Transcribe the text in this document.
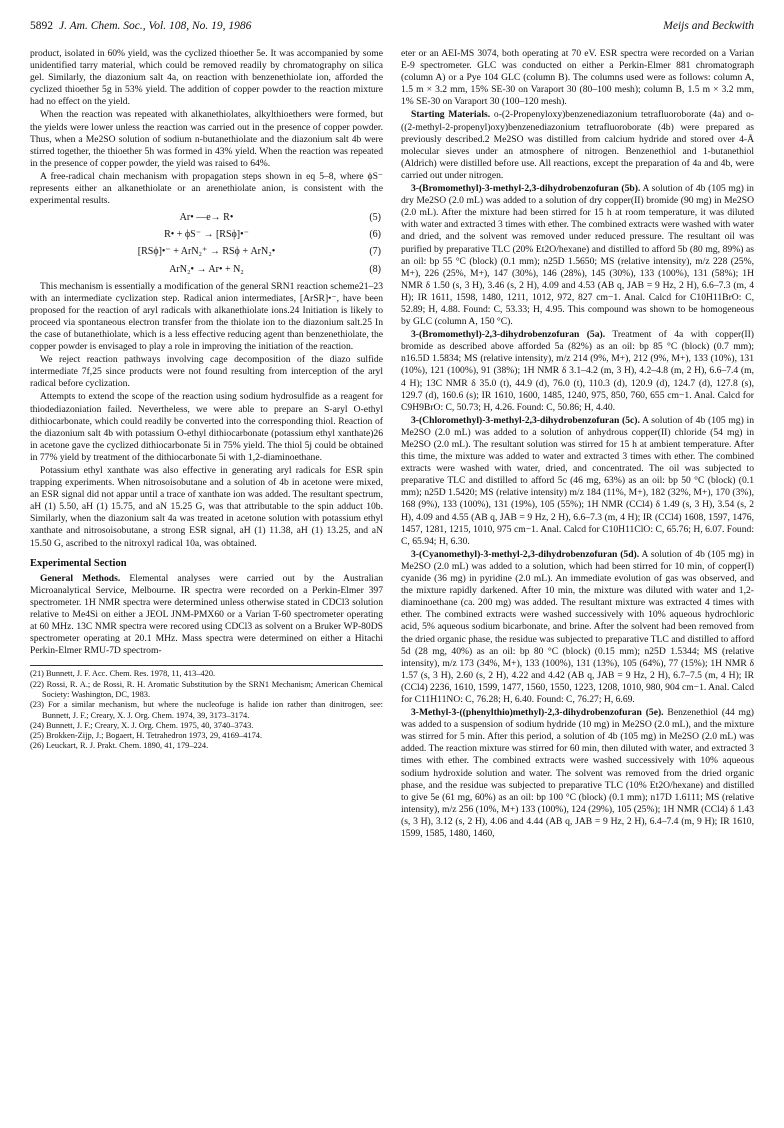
5892 J. Am. Chem. Soc., Vol. 108, No. 19, 1986	Meijs and Beckwith

product, isolated in 60% yield, was the cyclized thioether 5e. It was accompanied by some unidentified tarry material, which could be removed readily by chromatography on silica gel. Similarly, the diazonium salt 4a, on reaction with benzenethiolate ion, afforded the cyclized thioether 5g in 53% yield. The addition of copper powder to the reaction mixture had no effect on the yield.

When the reaction was repeated with alkanethiolates, alkylthioethers were formed, but the yields were lower unless the reaction was carried out in the presence of copper powder. Thus, when a Me2SO solution of sodium n-butanethiolate and the diazonium salt 4b were stirred together, the thioether 5h was formed in 43% yield. When the reaction was repeated in the presence of copper powder, the yield was raised to 64%.

A free-radical chain mechanism with propagation steps shown in eq 5–8, where ϕS⁻ represents either an alkanethiolate or an arenethiolate anion, is consistent with the experimental results.

Ar• —e→ R•	(5)
R• + ϕS⁻ → [RSϕ]•⁻	(6)
[RSϕ]•⁻ + ArN₂⁺ → RSϕ + ArN₂•	(7)
ArN₂• → Ar• + N₂	(8)

This mechanism is essentially a modification of the general SRN1 reaction scheme21–23 with an intermediate cyclization step. Radical anion intermediates, [ArSR]•⁻, have been proposed for the reaction of aryl radicals with alkanethiolate ions.24 Initiation is likely to proceed via spontaneous electron transfer from the thiolate ion to the diazonium salt.25 In the case of butanethiolate, which is a less effective reducing agent than benzenethiolate, the copper powder is envisaged to play a role in improving the initiation of the reaction.

We reject reaction pathways involving cage decomposition of the diazo sulfide intermediate 7f,25 since products were not found resulting from interception of the aryl radical before cyclization.

Attempts to extend the scope of the reaction using sodium hydrosulfide as a reagent for thiodediazoniation failed. Nevertheless, we were able to prepare an S-aryl O-ethyl dithiocarbonate, which could readily be converted into the corresponding thiol. Reaction of the diazonium salt 4b with potassium O-ethyl dithiocarbonate (potassium ethyl xanthate)26 in acetone gave the cyclized dithiocarbonate 5i in 75% yield. The thiol 5j could be obtained in 77% yield by treatment of the dithiocarbonate 5i with 1,2-diaminoethane.

Potassium ethyl xanthate was also effective in generating aryl radicals for ESR spin trapping experiments. When nitrosoisobutane and a solution of 4b in acetone were mixed, an ESR signal did not appar until a trace of xanthate ion was added. The resultant spectrum, aH (1) 5.50, aH (1) 15.75, and aN 15.25 G, was that attributable to the spin adduct 10b. Similarly, when the diazonium salt 4a was treated in acetone solution with potassium ethyl xanthate and nitrosoisobutane, a strong ESR signal, aH (1) 11.38, aH (1) 13.25, and aN 15.50 G, ascribed to the nitroxyl radical 10a, was obtained.

Experimental Section

General Methods. Elemental analyses were carried out by the Australian Microanalytical Service, Melbourne. IR spectra were recorded on a Perkin-Elmer 397 spectrometer. 1H NMR spectra were determined unless otherwise stated in CDCl3 solution relative to Me4Si on either a JEOL JNM-PMX60 or a Varian T-60 spectrometer operating at 60 MHz. 13C NMR spectra were recored using CDCl3 as solvent on a Bruker WP-80DS spectrometer operating at 20.1 MHz. Mass spectra were determined on either a Hitachi Perkin-Elmer RMU-7D spectrom-

(21) Bunnett, J. F. Acc. Chem. Res. 1978, 11, 413–420.
(22) Rossi, R. A.; de Rossi, R. H. Aromatic Substitution by the SRN1 Mechanism; American Chemical Society: Washington, DC, 1983.
(23) For a similar mechanism, but where the nucleofuge is halide ion rather than dinitrogen, see: Bunnett, J. F.; Creary, X. J. Org. Chem. 1974, 39, 3173–3174.
(24) Bunnett, J. F.; Creary, X. J. Org. Chem. 1975, 40, 3740–3743.
(25) Brokken-Zijp, J.; Bogaert, H. Tetrahedron 1973, 29, 4169–4174.
(26) Leuckart, R. J. Prakt. Chem. 1890, 41, 179–224.

eter or an AEI-MS 3074, both operating at 70 eV. ESR spectra were recorded on a Varian E-9 spectrometer. GLC was conducted on either a Perkin-Elmer 881 chromatograph (column A) or a Pye 104 GLC (column B). The columns used were as follows: column A, 1.5 m × 3.2 mm, 15% SE-30 on Varaport 30 (80–100 mesh); column B, 1.5 m × 3.2 mm, 1% SE-30 on Varaport 30 (100–120 mesh).

Starting Materials. o-(2-Propenyloxy)benzenediazonium tetrafluoroborate (4a) and o-((2-methyl-2-propenyl)oxy)benzenediazonium tetrafluoroborate (4b) were prepared as previously described.2 Me2SO was distilled from calcium hydride and stored over 4-Å molecular sieves under an atmosphere of nitrogen. Benzenethiol and 1-butanethiol (Aldrich) were distilled before use. All reactions, except the preparation of 4a and 4b, were carried out under nitrogen.

3-(Bromomethyl)-3-methyl-2,3-dihydrobenzofuran (5b). A solution of 4b (105 mg) in dry Me2SO (2.0 mL) was added to a solution of dry copper(II) bromide (90 mg) in Me2SO (2.0 mL). After the mixture had been stirred for 15 h at room temperature, it was diluted with water and extracted 3 times with ether. The combined extracts were washed with water and dried, and the solvent was removed under reduced pressure. The resultant oil was purified by preparative TLC (20% Et2O/hexane) and distilled to afford 5b (80 mg, 89%) as an oil: bp 55 °C (block) (0.1 mm); n25D 1.5650; MS (relative intensity), m/z 228 (25%, M+), 226 (25%, M+), 147 (30%), 146 (28%), 145 (30%), 133 (100%), 131 (58%); 1H NMR δ 1.50 (s, 3 H), 3.46 (s, 2 H), 4.09 and 4.53 (AB q, JAB = 9 Hz, 2 H), 6.6–7.3 (m, 4 H); IR 1611, 1598, 1480, 1211, 1012, 972, 827 cm−1. Anal. Calcd for C10H11BrO: C, 52.89; H, 4.88. Found: C, 53.33; H, 4.95. This compound was shown to be homogeneous by GLC (column A, 150 °C).

3-(Bromomethyl)-2,3-dihydrobenzofuran (5a). Treatment of 4a with copper(II) bromide as described above afforded 5a (82%) as an oil: bp 85 °C (block) (0.7 mm); n16.5D 1.5834; MS (relative intensity), m/z 214 (9%, M+), 212 (9%, M+), 133 (10%), 131 (10%), 121 (100%), 91 (38%); 1H NMR δ 3.1–4.2 (m, 3 H), 4.2–4.8 (m, 2 H), 6.6–7.4 (m, 4 H); 13C NMR δ 35.0 (t), 44.9 (d), 76.0 (t), 110.3 (d), 120.9 (d), 124.7 (d), 127.8 (s), 129.7 (d), 160.6 (s); IR 1610, 1600, 1485, 1240, 975, 850, 760, 655 cm−1. Anal. Calcd for C9H9BrO: C, 50.73; H, 4.26. Found: C, 50.86; H, 4.40.

3-(Chloromethyl)-3-methyl-2,3-dihydrobenzofuran (5c). A solution of 4b (105 mg) in Me2SO (2.0 mL) was added to a solution of anhydrous copper(II) chloride (54 mg) in Me2SO (2.0 mL). The resultant solution was stirred for 15 h at ambient temperature. After this time, the mixture was added to water and extracted 3 times with ether. The combined extracts were washed with water, dried, and concentrated. The oil was subjected to preparative TLC and distilled to afford 5c (46 mg, 63%) as an oil: bp 50 °C (block) (0.1 mm); n25D 1.5420; MS (relative intensity) m/z 184 (11%, M+), 182 (32%, M+), 170 (3%), 168 (9%), 133 (100%), 131 (19%), 105 (55%); 1H NMR (CCl4) δ 1.49 (s, 3 H), 3.54 (s, 2 H), 4.09 and 4.55 (AB q, JAB = 9 Hz, 2 H), 6.6–7.3 (m, 4 H); IR (CCl4) 1608, 1597, 1476, 1457, 1281, 1215, 1010, 975 cm−1. Anal. Calcd for C10H11ClO: C, 65.76; H, 6.07. Found: C, 65.94; H, 6.30.

3-(Cyanomethyl)-3-methyl-2,3-dihydrobenzofuran (5d). A solution of 4b (105 mg) in Me2SO (2.0 mL) was added to a solution, which had been stirred for 10 min, of copper(I) cyanide (36 mg) in pyridine (2.0 mL). An immediate evolution of gas was observed, and the mixture rapidly darkened. After 10 min, the mixture was diluted with water and 1,2-diaminoethane (ca. 200 mg) was added. The resultant mixture was extracted 4 times with ether. The combined extracts were washed successively with 10% aqueous hydrochloric acid, 5% aqueous sodium bicarbonate, and brine. After the solvent had been removed from the dried organic phase, the residue was subjected to preparative TLC and distilled to afford 5d (28 mg, 40%) as an oil: bp 80 °C (block) (0.15 mm); n25D 1.5344; MS (relative intensity), m/z 173 (34%, M+), 133 (100%), 131 (13%), 105 (64%), 77 (15%); 1H NMR δ 1.57 (s, 3 H), 2.60 (s, 2 H), 4.22 and 4.42 (AB q, JAB = 9 Hz, 2 H), 6.7–7.5 (m, 4 H); IR (CCl4) 2236, 1610, 1599, 1477, 1560, 1550, 1223, 1208, 1010, 980, 904 cm−1. Anal. Calcd for C11H11NO: C, 76.28; H, 6.40. Found: C, 76.27; H, 6.69.

3-Methyl-3-((phenylthio)methyl)-2,3-dihydrobenzofuran (5e). Benzenethiol (44 mg) was added to a suspension of sodium hydride (10 mg) in Me2SO (2.0 mL), and the mixture was stirred for 5 min. After this period, a solution of 4b (105 mg) in Me2SO (2.0 mL) was added. The reaction mixture was stirred for 60 min, then diluted with water, and extracted 3 times with ether. The combined extracts were washed successively with 10% aqueous sodium hydroxide solution and water. The solvent was removed from the dried organic phase, and the residue was subjected to preparative TLC (10% Et2O/hexane) and distilled to give 5e (61 mg, 60%) as an oil: bp 100 °C (block) (0.1 mm); n17D 1.6111; MS (relative intensity), m/z 256 (10%, M+) 133 (100%), 124 (29%), 105 (25%); 1H NMR (CCl4) δ 1.43 (s, 3 H), 3.12 (s, 2 H), 4.06 and 4.44 (AB q, JAB = 9 Hz, 2 H), 6.4–7.4 (m, 9 H); IR 1610, 1599, 1585, 1480, 1460,
